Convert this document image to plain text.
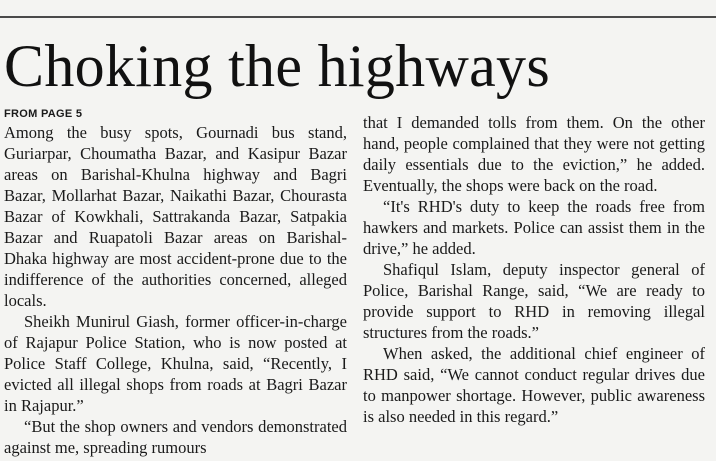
Choking the highways
FROM PAGE 5

Among the busy spots, Gournadi bus stand, Guriarpar, Choumatha Bazar, and Kasipur Bazar areas on Barishal-Khulna highway and Bagri Bazar, Mollarhat Bazar, Naikathi Bazar, Chourasta Bazar of Kowkhali, Sattrakanda Bazar, Satpakia Bazar and Ruapatoli Bazar areas on Barishal-Dhaka highway are most accident-prone due to the indifference of the authorities concerned, alleged locals.

Sheikh Munirul Giash, former officer-in-charge of Rajapur Police Station, who is now posted at Police Staff College, Khulna, said, “Recently, I evicted all illegal shops from roads at Bagri Bazar in Rajapur.”

“But the shop owners and vendors demonstrated against me, spreading rumours

that I demanded tolls from them. On the other hand, people complained that they were not getting daily essentials due to the eviction,” he added. Eventually, the shops were back on the road.

“It's RHD's duty to keep the roads free from hawkers and markets. Police can assist them in the drive,” he added.

Shafiqul Islam, deputy inspector general of Police, Barishal Range, said, “We are ready to provide support to RHD in removing illegal structures from the roads.”

When asked, the additional chief engineer of RHD said, “We cannot conduct regular drives due to manpower shortage. However, public awareness is also needed in this regard.”
